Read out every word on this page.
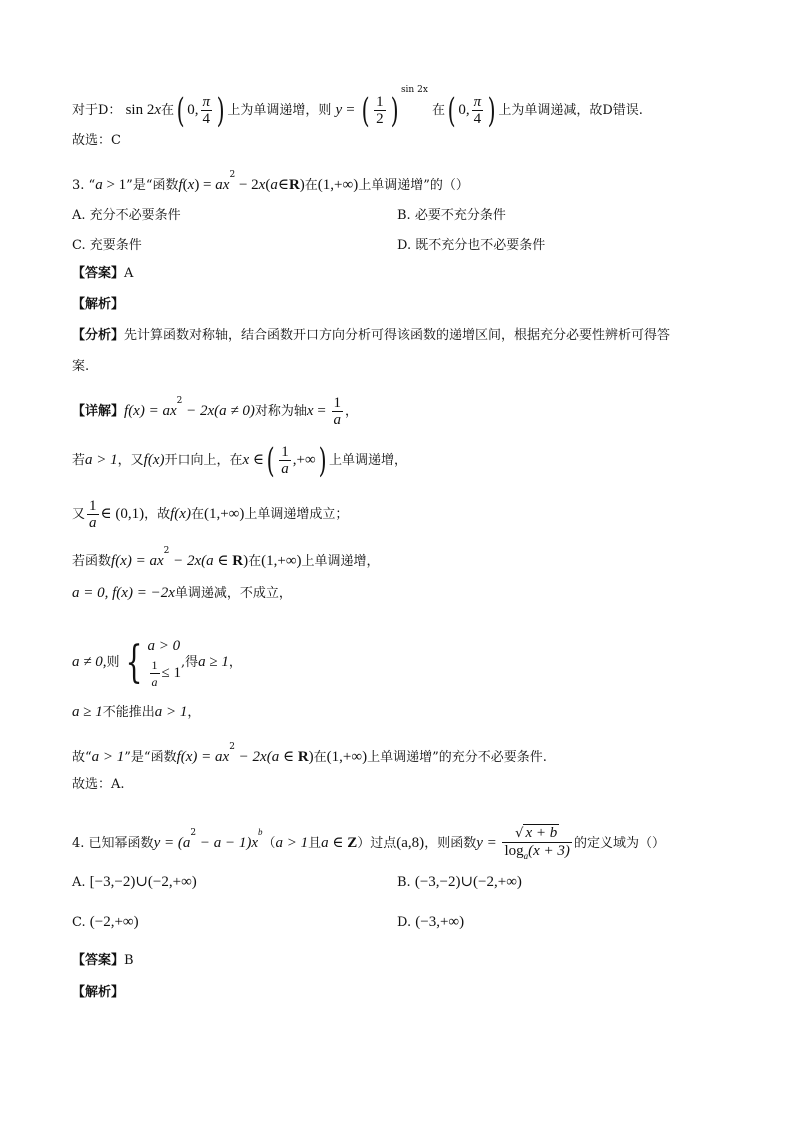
对于D： sin 2x在( 0, $\frac{\pi}{4}$ ) 上为单调递增，则 y = ( $\frac{1}{2} )^{sin 2x}$ 在( 0, $\frac{\pi}{4}$ ) 上为单调递减，故D错误.
故选：C
3. “a > 1”是“函数$f(x) = ax^2$ − 2x(a∈R)在(1,+∞)上单调递增”的（）
A. 充分不必要条件	B. 必要不充分条件
C. 充要条件	D. 既不充分也不必要条件
【答案】A
【解析】
【分析】先计算函数对称轴，结合函数开口方向分析可得该函数的递增区间，根据充分必要性辨析可得答
案.
【详解】$f(x) = ax^2 - 2x(a \ne 0)$对称为轴$x = \frac{1}{a}$ ，
若a > 1，又f(x)开口向上，在x ∈( $\frac{1}{a}$ ,+∞) 上单调递增，
又 $\frac{1}{a}$ ∈ (0,1)，故f(x)在(1,+∞)上单调递增成立；
若函数$f(x) = ax^2 - 2x(a$ ∈ R)在(1,+∞)上单调递增，
a = 0, f(x) = −2x单调递减，不成立，
a ≠ 0,则 { a > 0
$\frac{1}{a} \le 1$
,得a ≥ 1，
a ≥ 1不能推出a > 1，
故“a > 1”是“函数$f(x) = ax^2 - 2x(a$ ∈ R)在(1,+∞)上单调递增”的充分不必要条件.
故选：A.
4. 已知幂函数$y = (a^2 - a - 1)x^b(a > 1$且a ∈ Z）过点(a,8)，则函数$y = \frac{√ x + b}{\log_a(x + 3)}$ 的定义域为（）
A. [−3,−2)∪(−2,+∞)	B. (−3,−2)∪(−2,+∞)
C. (−2,+∞)	D. (−3,+∞)
【答案】B
【解析】
